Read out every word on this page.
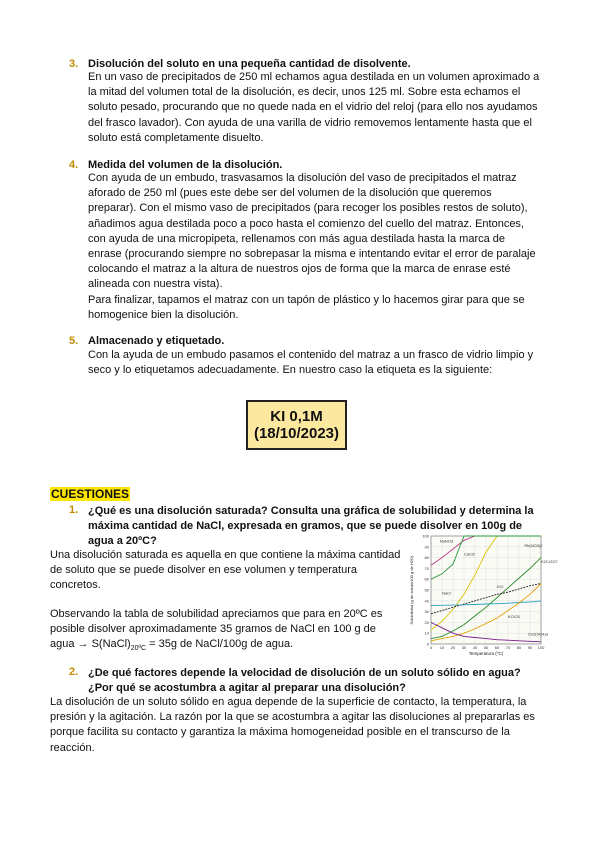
3. Disolución del soluto en una pequeña cantidad de disolvente.
En un vaso de precipitados de 250 ml echamos agua destilada en un volumen aproximado a
la mitad del volumen total de la disolución, es decir, unos 125 ml. Sobre esta echamos el
soluto pesado, procurando que no quede nada en el vidrio del reloj (para ello nos ayudamos
del frasco lavador). Con ayuda de una varilla de vidrio removemos lentamente hasta que el
soluto está completamente disuelto.
4. Medida del volumen de la disolución.
Con ayuda de un embudo, trasvasamos la disolución del vaso de precipitados el matraz
aforado de 250 ml (pues este debe ser del volumen de la disolución que queremos
preparar). Con el mismo vaso de precipitados (para recoger los posibles restos de soluto),
añadimos agua destilada poco a poco hasta el comienzo del cuello del matraz. Entonces,
con ayuda de una micropipeta, rellenamos con más agua destilada hasta la marca de
enrase (procurando siempre no sobrepasar la misma e intentando evitar el error de paralaje
colocando el matraz a la altura de nuestros ojos de forma que la marca de enrase esté
alineada con nuestra vista).
Para finalizar, tapamos el matraz con un tapón de plástico y lo hacemos girar para que se
homogenice bien la disolución.
5. Almacenado y etiquetado.
Con la ayuda de un embudo pasamos el contenido del matraz a un frasco de vidrio limpio y
seco y lo etiquetamos adecuadamente. En nuestro caso la etiqueta es la siguiente:
KI 0,1M
(18/10/2023)
CUESTIONES
1. ¿Qué es una disolución saturada? Consulta una gráfica de solubilidad y determina la
máxima cantidad de NaCl, expresada en gramos, que se puede disolver en 100g de
agua a 20ºC?
Una disolución saturada es aquella en que contiene la máxima cantidad
de soluto que se puede disolver en ese volumen y temperatura
concretos.
Observando la tabla de solubilidad apreciamos que para en 20ºC es
posible disolver aproximadamente 35 gramos de NaCl en 100 g de
agua → $S(NaCl)_{20ºC} = 35g$ de NaCl/100g de agua.	0
10
20
30
40
50
60
70
80
90
100
0 10 20 30 40 50 60 70 80 90 100
NaNO3
CaCl2
Pb(NO3)2
K2Cr2O7
NaCl
KCl
KClO3
Ce2(SO4)3
Temperatura (ºC)
Solubilidad (g de soluto/100 g de H2O)
2. ¿De qué factores depende la velocidad de disolución de un soluto sólido en agua?
¿Por qué se acostumbra a agitar al preparar una disolución?
La disolución de un soluto sólido en agua depende de la superficie de contacto, la temperatura, la
presión y la agitación. La razón por la que se acostumbra a agitar las disoluciones al prepararlas es
porque facilita su contacto y garantiza la máxima homogeneidad posible en el transcurso de la
reacción.
